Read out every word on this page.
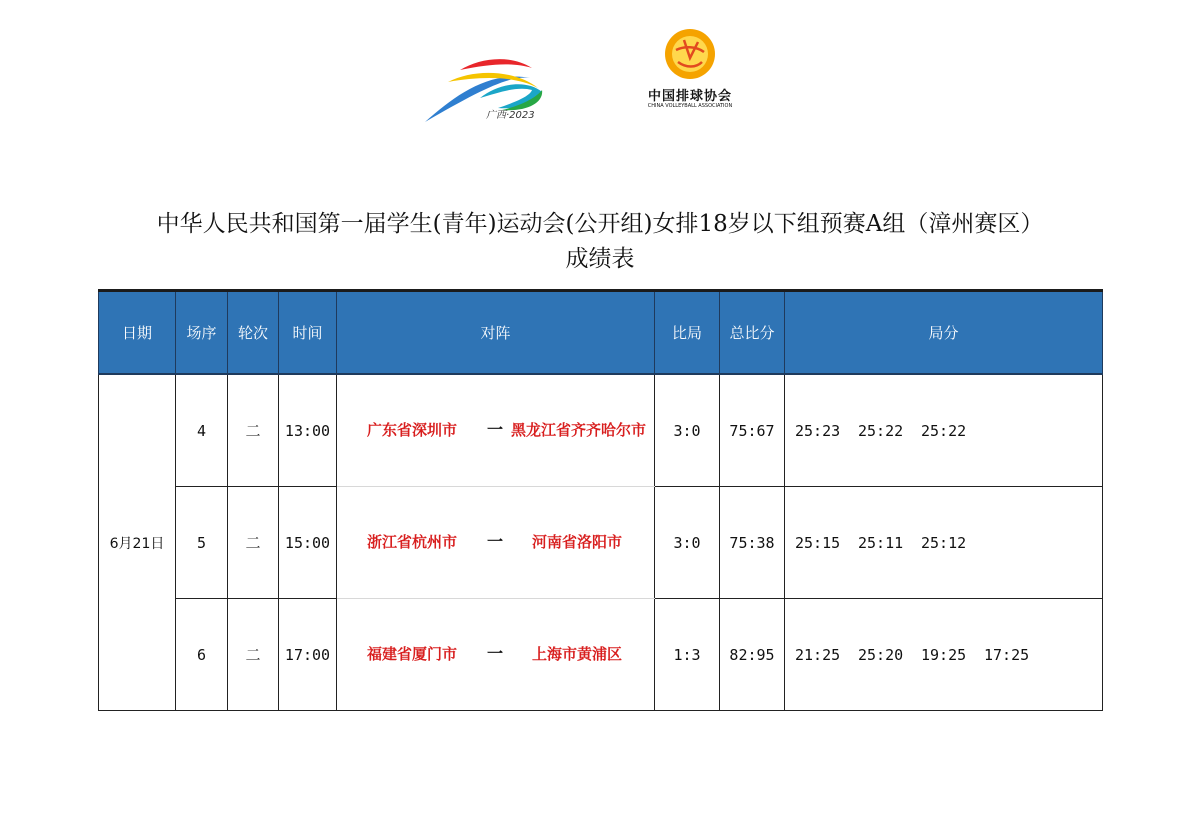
广西·2023
中国排球协会
CHINA VOLLEYBALL ASSOCIATION
中华人民共和国第一届学生(青年)运动会(公开组)女排18岁以下组预赛A组（漳州赛区）
成绩表
日期	场序	轮次	时间	对阵	比局	总比分	局分
6月21日	4	二	13:00	广东省深圳市 一 黑龙江省齐齐哈尔市	3:0	75:67	25:23 25:22 25:22
	5	二	15:00	浙江省杭州市 一 河南省洛阳市	3:0	75:38	25:15 25:11 25:12
	6	二	17:00	福建省厦门市 一 上海市黄浦区	1:3	82:95	21:25 25:20 19:25 17:25
